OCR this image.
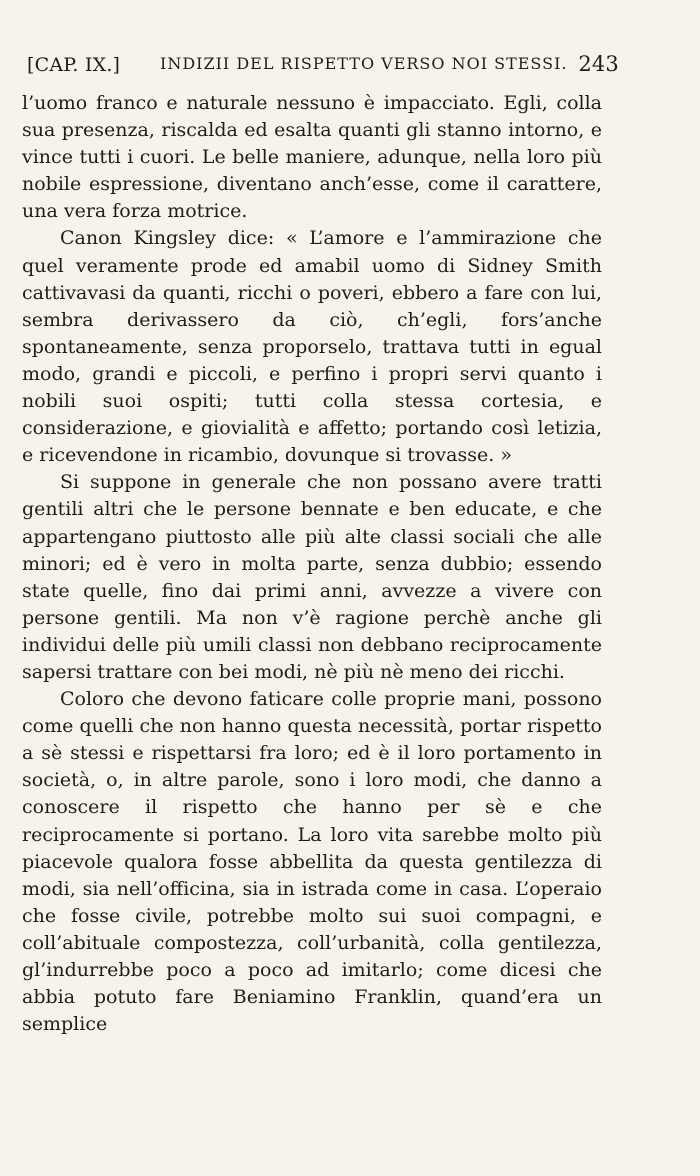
[CAP. IX.] INDIZII DEL RISPETTO VERSO NOI STESSI. 243

l’uomo franco e naturale nessuno è impacciato. Egli, colla sua presenza, riscalda ed esalta quanti gli stanno intorno, e vince tutti i cuori. Le belle maniere, adunque, nella loro più nobile espressione, diventano anch’esse, come il carattere, una vera forza motrice.

Canon Kingsley dice: « L’amore e l’ammirazione che quel veramente prode ed amabil uomo di Sidney Smith cattivavasi da quanti, ricchi o poveri, ebbero a fare con lui, sembra derivassero da ciò, ch’egli, fors’anche spontaneamente, senza proporselo, trattava tutti in egual modo, grandi e piccoli, e perfino i propri servi quanto i nobili suoi ospiti; tutti colla stessa cortesia, e considerazione, e giovialità e affetto; portando così letizia, e ricevendone in ricambio, dovunque si trovasse. »

Si suppone in generale che non possano avere tratti gentili altri che le persone bennate e ben educate, e che appartengano piuttosto alle più alte classi sociali che alle minori; ed è vero in molta parte, senza dubbio; essendo state quelle, fino dai primi anni, avvezze a vivere con persone gentili. Ma non v’è ragione perchè anche gli individui delle più umili classi non debbano reciprocamente sapersi trattare con bei modi, nè più nè meno dei ricchi.

Coloro che devono faticare colle proprie mani, possono come quelli che non hanno questa necessità, portar rispetto a sè stessi e rispettarsi fra loro; ed è il loro portamento in società, o, in altre parole, sono i loro modi, che danno a conoscere il rispetto che hanno per sè e che reciprocamente si portano. La loro vita sarebbe molto più piacevole qualora fosse abbellita da questa gentilezza di modi, sia nell’officina, sia in istrada come in casa. L’operaio che fosse civile, potrebbe molto sui suoi compagni, e coll’abituale compostezza, coll’urbanità, colla gentilezza, gl’indurrebbe poco a poco ad imitarlo; come dicesi che abbia potuto fare Beniamino Franklin, quand’era un semplice
